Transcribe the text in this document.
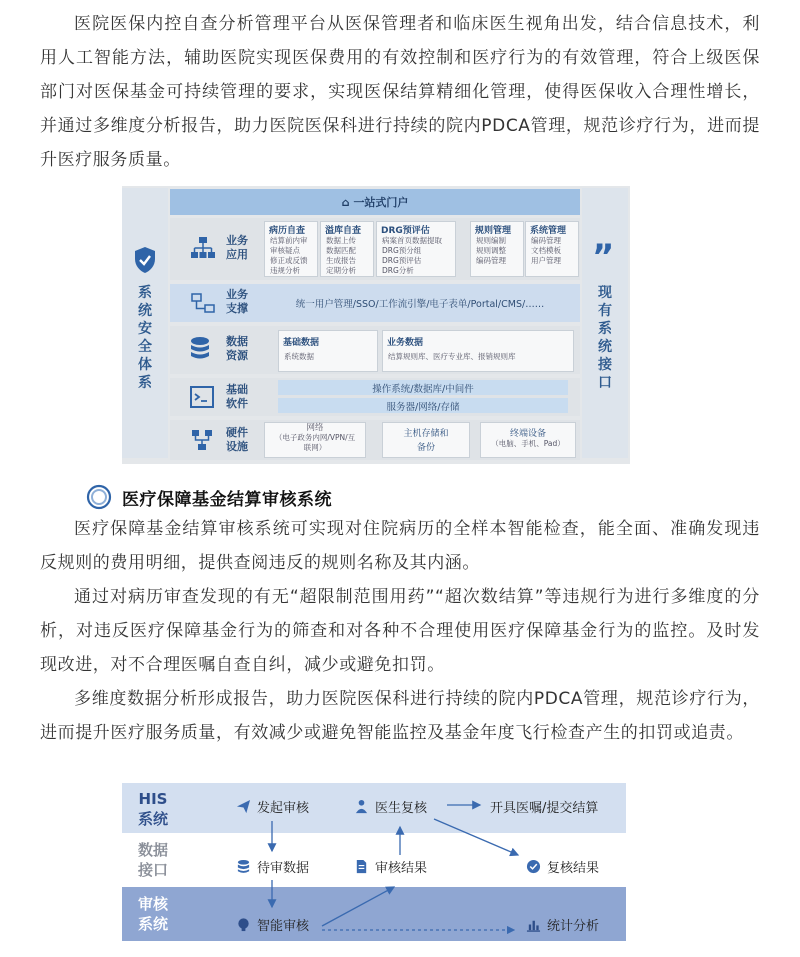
医院医保内控自查分析管理平台从医保管理者和临床医生视角出发，结合信息技术，利用人工智能方法，辅助医院实现医保费用的有效控制和医疗行为的有效管理，符合上级医保部门对医保基金可持续管理的要求，实现医保结算精细化管理，使得医保收入合理性增长，并通过多维度分析报告，助力医院医保科进行持续的院内PDCA管理，规范诊疗行为，进而提升医疗服务质量。
系统安全体系
⌂ 一站式门户
业务应用
病历自查
结算前内审
审核疑点
修正或反馈
违规分析
溢库自查
数据上传
数据匹配
生成报告
定期分析
DRG预评估
病案首页数据提取
DRG预分组
DRG预评估
DRG分析
规则管理
规则编制
规则调整
编码管理
系统管理
编码管理
文档模板
用户管理
业务支撑	统一用户管理/SSO/工作流引擎/电子表单/Portal/CMS/……
数据资源
基础数据
系统数据
业务数据
结算规则库、医疗专业库、报销规则库
基础软件
操作系统/数据库/中间件
服务器/网络/存储
硬件设施
网络
（电子政务内网/VPN/互
联网）
主机存储和
备份
终端设备
（电脑、手机、Pad）
”
现有系统接口
医疗保障基金结算审核系统
医疗保障基金结算审核系统可实现对住院病历的全样本智能检查，能全面、准确发现违反规则的费用明细，提供查阅违反的规则名称及其内涵。
通过对病历审查发现的有无“超限制范围用药”“超次数结算”等违规行为进行多维度的分析，对违反医疗保障基金行为的筛查和对各种不合理使用医疗保障基金行为的监控。及时发现改进，对不合理医嘱自查自纠，减少或避免扣罚。
多维度数据分析形成报告，助力医院医保科进行持续的院内PDCA管理，规范诊疗行为，进而提升医疗服务质量，有效减少或避免智能监控及基金年度飞行检查产生的扣罚或追责。
HIS
系统
数据
接口
审核
系统
发起审核	医生复核	开具医嘱/提交结算
待审数据	审核结果	复核结果
智能审核	统计分析
